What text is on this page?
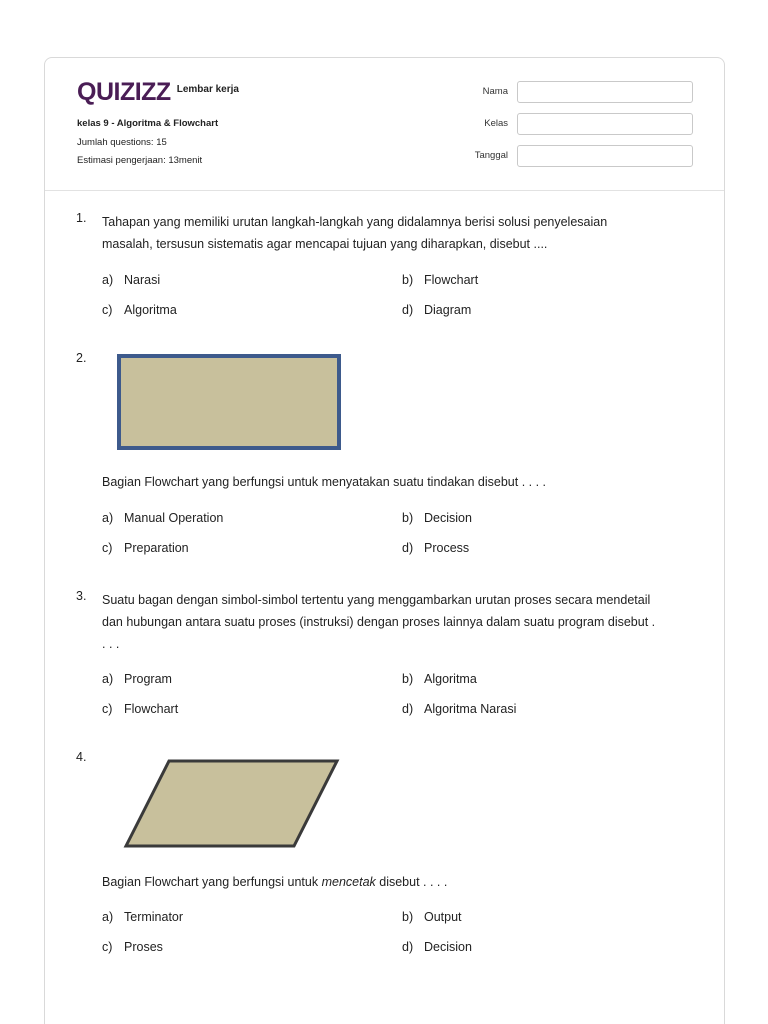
QUIZIZZ Lembar kerja
kelas 9 - Algoritma & Flowchart
Jumlah questions: 15
Estimasi pengerjaan: 13menit
Nama
Kelas
Tanggal
1.	Tahapan yang memiliki urutan langkah-langkah yang didalamnya berisi solusi penyelesaian
masalah, tersusun sistematis agar mencapai tujuan yang diharapkan, disebut ....
a) Narasi	b) Flowchart
c) Algoritma	d) Diagram
2.
Bagian Flowchart yang berfungsi untuk menyatakan suatu tindakan disebut . . . .
a) Manual Operation	b) Decision
c) Preparation	d) Process
3.	Suatu bagan dengan simbol-simbol tertentu yang menggambarkan urutan proses secara mendetail
dan hubungan antara suatu proses (instruksi) dengan proses lainnya dalam suatu program disebut .
. . .
a) Program	b) Algoritma
c) Flowchart	d) Algoritma Narasi
4.
Bagian Flowchart yang berfungsi untuk mencetak disebut . . . .
a) Terminator	b) Output
c) Proses	d) Decision
